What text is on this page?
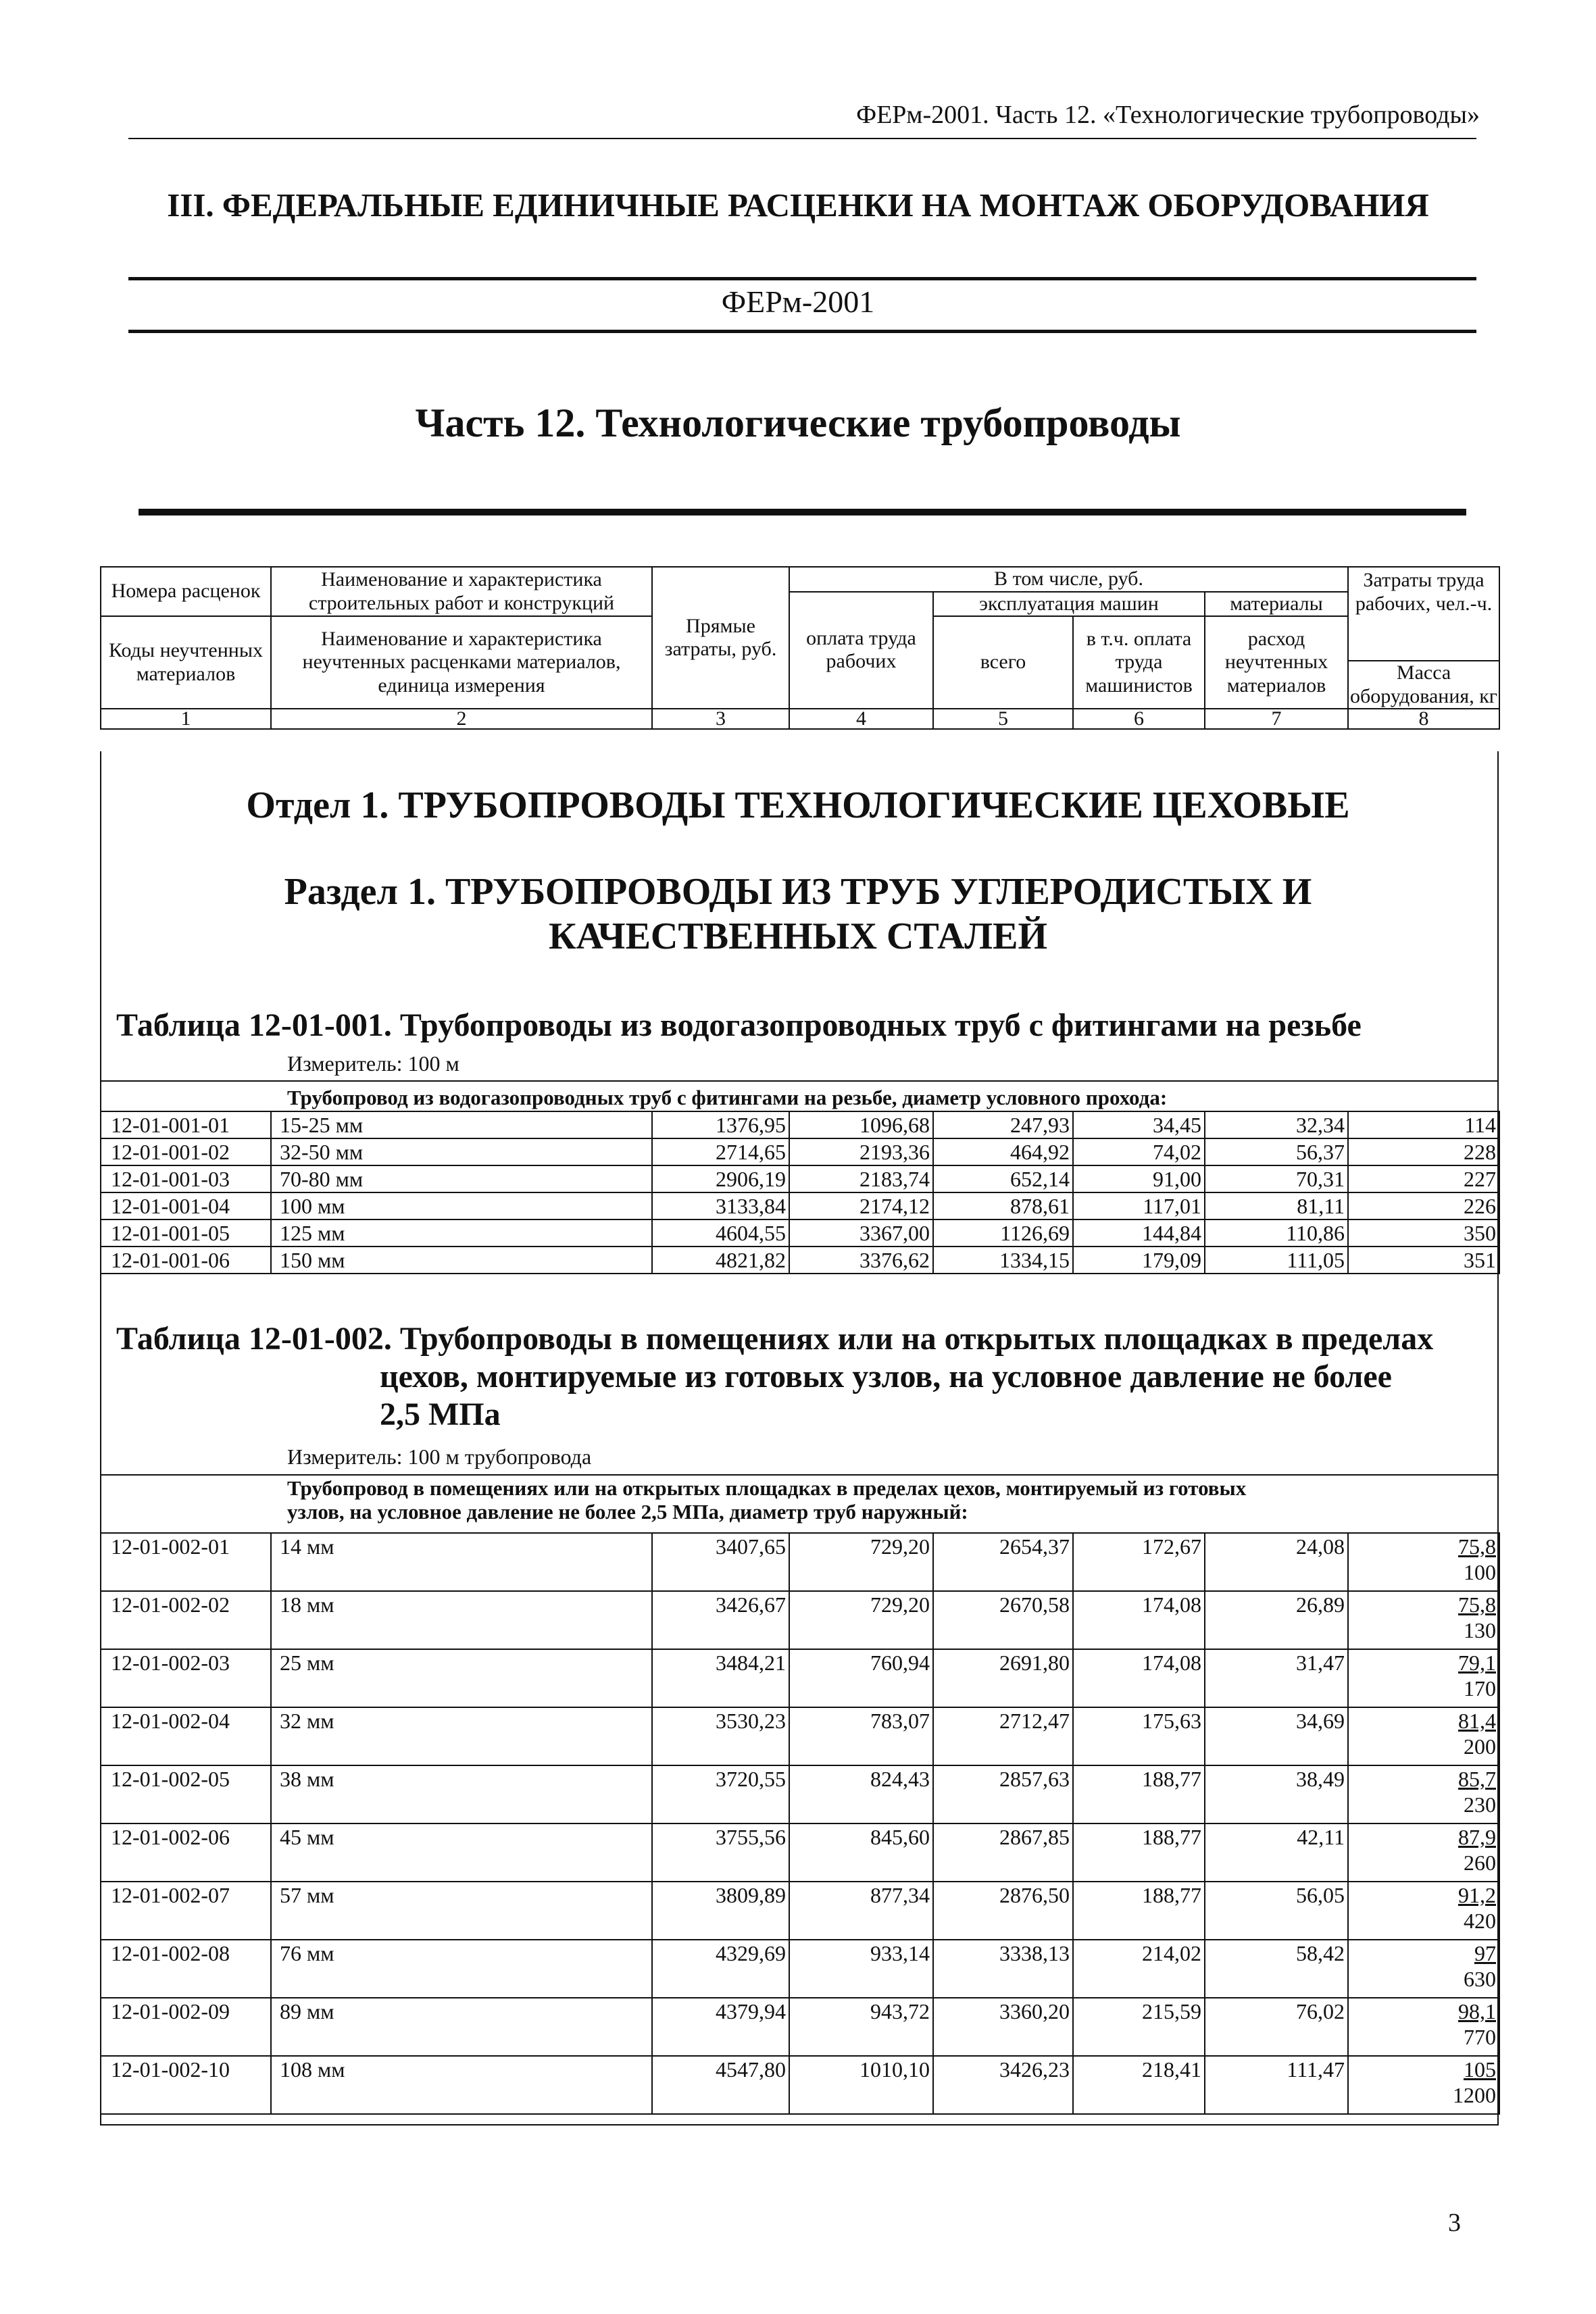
ФЕРм-2001. Часть 12. «Технологические трубопроводы»
III. ФЕДЕРАЛЬНЫЕ ЕДИНИЧНЫЕ РАСЦЕНКИ НА МОНТАЖ ОБОРУДОВАНИЯ
ФЕРм-2001
Часть 12. Технологические трубопроводы
Номера расценок	Наименование и характеристика строительных работ и конструкций	Прямые затраты, руб.	В том числе, руб.				Затраты труда рабочих, чел.-ч.
			оплата труда рабочих	эксплуатация машин		материалы	
Коды неучтенных материалов	Наименование и характеристика неучтенных расценками материалов, единица измерения			всего	в т.ч. оплата труда машинистов	расход неучтенных материалов	
							Масса оборудования, кг
1	2	3	4	5	6	7	8
Отдел 1. ТРУБОПРОВОДЫ ТЕХНОЛОГИЧЕСКИЕ ЦЕХОВЫЕ
Раздел 1. ТРУБОПРОВОДЫ ИЗ ТРУБ УГЛЕРОДИСТЫХ И
КАЧЕСТВЕННЫХ СТАЛЕЙ
Таблица 12-01-001. Трубопроводы из водогазопроводных труб с фитингами на резьбе
Измеритель: 100 м
Трубопровод из водогазопроводных труб с фитингами на резьбе, диаметр условного прохода:
12-01-001-01	15-25 мм	1376,95	1096,68	247,93	34,45	32,34	114
12-01-001-02	32-50 мм	2714,65	2193,36	464,92	74,02	56,37	228
12-01-001-03	70-80 мм	2906,19	2183,74	652,14	91,00	70,31	227
12-01-001-04	100 мм	3133,84	2174,12	878,61	117,01	81,11	226
12-01-001-05	125 мм	4604,55	3367,00	1126,69	144,84	110,86	350
12-01-001-06	150 мм	4821,82	3376,62	1334,15	179,09	111,05	351
Таблица 12-01-002. Трубопроводы в помещениях или на открытых площадках в пределах
цехов, монтируемые из готовых узлов, на условное давление не более
2,5 МПа
Измеритель: 100 м трубопровода
Трубопровод в помещениях или на открытых площадках в пределах цехов, монтируемый из готовых
узлов, на условное давление не более 2,5 МПа, диаметр труб наружный:
12-01-002-01	14 мм	3407,65	729,20	2654,37	172,67	24,08	75,8
100

12-01-002-02	18 мм	3426,67	729,20	2670,58	174,08	26,89	75,8
130

12-01-002-03	25 мм	3484,21	760,94	2691,80	174,08	31,47	79,1
170

12-01-002-04	32 мм	3530,23	783,07	2712,47	175,63	34,69	81,4
200

12-01-002-05	38 мм	3720,55	824,43	2857,63	188,77	38,49	85,7
230

12-01-002-06	45 мм	3755,56	845,60	2867,85	188,77	42,11	87,9
260

12-01-002-07	57 мм	3809,89	877,34	2876,50	188,77	56,05	91,2
420

12-01-002-08	76 мм	4329,69	933,14	3338,13	214,02	58,42	97
630

12-01-002-09	89 мм	4379,94	943,72	3360,20	215,59	76,02	98,1
770

12-01-002-10	108 мм	4547,80	1010,10	3426,23	218,41	111,47	105
1200
3
